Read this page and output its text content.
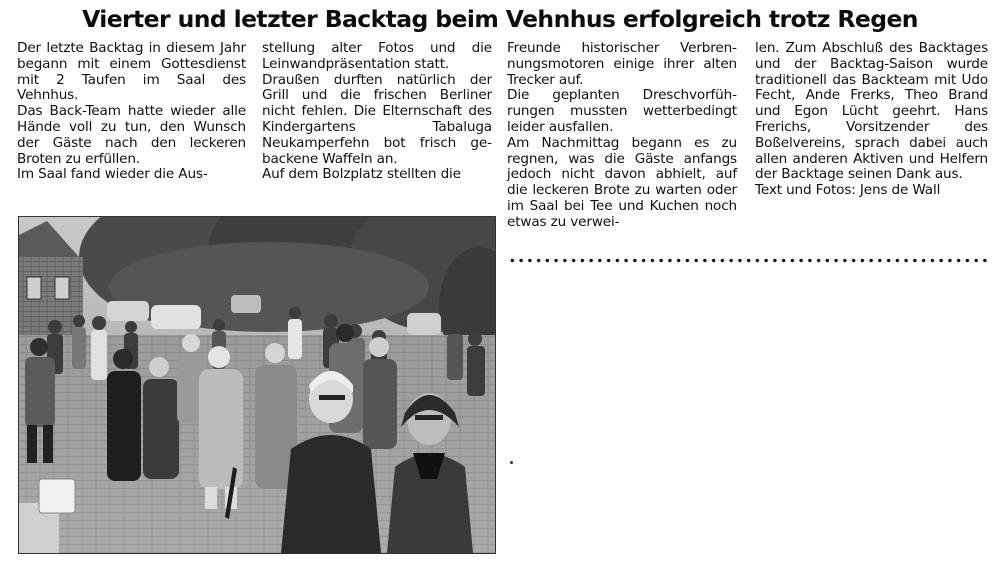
Vierter und letzter Backtag beim Vehnhus erfolgreich trotz Regen

Der letzte Backtag in diesem Jahr begann mit einem Gottesdienst mit 2 Taufen im Saal des Vehnhus.

Das Back-Team hatte wieder alle Hände voll zu tun, den Wunsch der Gäste nach den leckeren Broten zu erfüllen.

Im Saal fand wieder die Aus-

stellung alter Fotos und die Leinwandpräsentation statt.

Draußen durften natürlich der Grill und die frischen Berliner nicht fehlen. Die Elternschaft des Kindergartens Tabaluga Neukamperfehn bot frisch gebackene Waffeln an.

Auf dem Bolzplatz stellten die

Freunde historischer Verbrennungsmotoren einige ihrer alten Trecker auf.

Die geplanten Dreschvorführungen mussten wetterbedingt leider ausfallen.

Am Nachmittag begann es zu regnen, was die Gäste anfangs jedoch nicht davon abhielt, auf die leckeren Brote zu warten oder im Saal bei Tee und Kuchen noch etwas zu verwei-

len. Zum Abschluß des Backtages und der Backtag-Saison wurde traditionell das Backteam mit Udo Fecht, Ande Frerks, Theo Brand und Egon Lücht geehrt. Hans Frerichs, Vorsitzender des Boßelvereins, sprach dabei auch allen anderen Aktiven und Helfern der Backtage seinen Dank aus.

Text und Fotos: Jens de Wall
